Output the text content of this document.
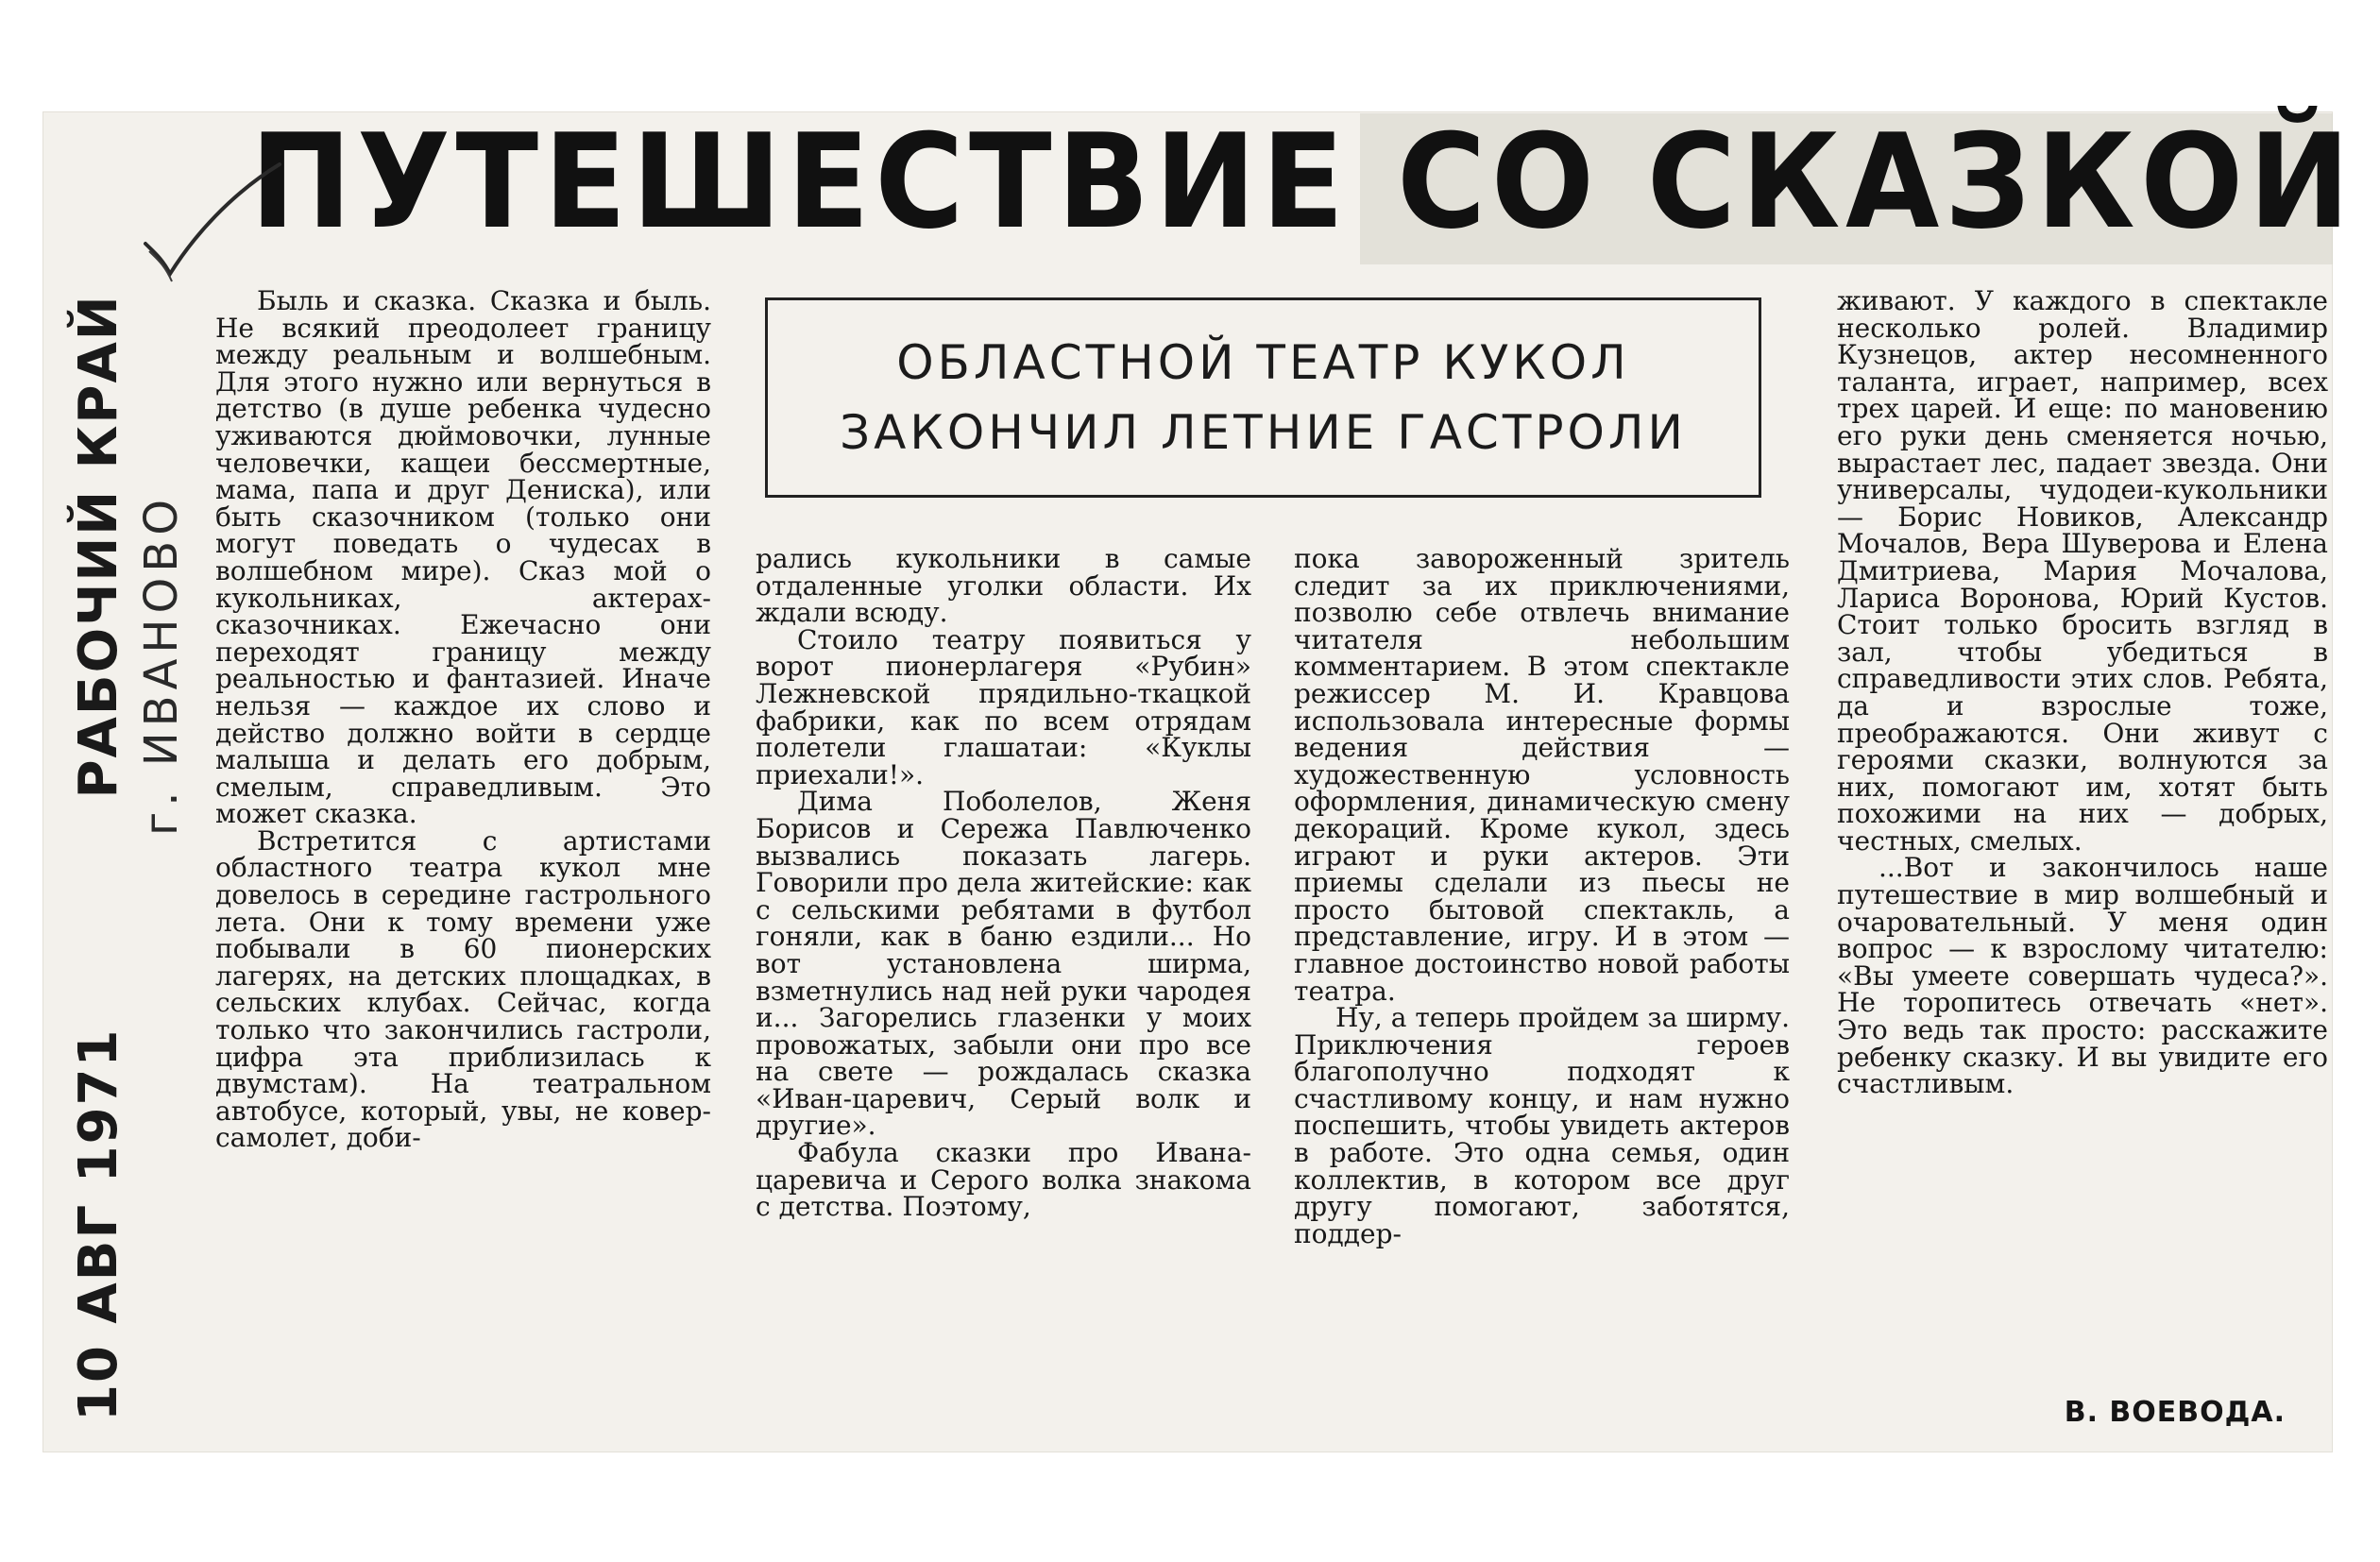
ПУТЕШЕСТВИЕ СО СКАЗКОЙ
10 АВГ 1971  РАБОЧИЙ КРАЙ г. ИВАНОВО
ОБЛАСТНОЙ ТЕАТР КУКОЛ
ЗАКОНЧИЛ ЛЕТНИЕ ГАСТРОЛИ

Быль и сказка. Сказка и быль. Не всякий преодолеет границу между реальным и волшебным. Для этого нужно или вернуться в детство (в душе ребенка чудесно уживаются дюймовочки, лунные человечки, кащеи бессмертные, мама, папа и друг Дениска), или быть сказочником (только они могут поведать о чудесах в волшебном мире). Сказ мой о кукольниках, актерах-сказочниках. Ежечасно они переходят границу между реальностью и фантазией. Иначе нельзя — каждое их слово и действо должно войти в сердце малыша и делать его добрым, смелым, справедливым. Это может сказка.

Встретится с артистами областного театра кукол мне довелось в середине гастрольного лета. Они к тому времени уже побывали в 60 пионерских лагерях, на детских площадках, в сельских клубах. Сейчас, когда только что закончились гастроли, цифра эта приблизилась к двумстам). На театральном автобусе, который, увы, не ковер-самолет, доби-

рались кукольники в самые отдаленные уголки области. Их ждали всюду.

Стоило театру появиться у ворот пионерлагеря «Рубин» Лежневской прядильно-ткацкой фабрики, как по всем отрядам полетели глашатаи: «Куклы приехали!».

Дима Поболелов, Женя Борисов и Сережа Павлюченко вызвались показать лагерь. Говорили про дела житейские: как с сельскими ребятами в футбол гоняли, как в баню ездили... Но вот установлена ширма, взметнулись над ней руки чародея и... Загорелись глазенки у моих провожатых, забыли они про все на свете — рождалась сказка «Иван-царевич, Серый волк и другие».

Фабула сказки про Ивана-царевича и Серого волка знакома с детства. Поэтому,

пока завороженный зритель следит за их приключениями, позволю себе отвлечь внимание читателя небольшим комментарием. В этом спектакле режиссер М. И. Кравцова использовала интересные формы ведения действия — художественную условность оформления, динамическую смену декораций. Кроме кукол, здесь играют и руки актеров. Эти приемы сделали из пьесы не просто бытовой спектакль, а представление, игру. И в этом — главное достоинство новой работы театра.

Ну, а теперь пройдем за ширму. Приключения героев благополучно подходят к счастливому концу, и нам нужно поспешить, чтобы увидеть актеров в работе. Это одна семья, один коллектив, в котором все друг другу помогают, заботятся, поддер-

живают. У каждого в спектакле несколько ролей. Владимир Кузнецов, актер несомненного таланта, играет, например, всех трех царей. И еще: по мановению его руки день сменяется ночью, вырастает лес, падает звезда. Они универсалы, чудодеи-кукольники — Борис Новиков, Александр Мочалов, Вера Шуверова и Елена Дмитриева, Мария Мочалова, Лариса Воронова, Юрий Кустов. Стоит только бросить взгляд в зал, чтобы убедиться в справедливости этих слов. Ребята, да и взрослые тоже, преображаются. Они живут с героями сказки, волнуются за них, помогают им, хотят быть похожими на них — добрых, честных, смелых.

...Вот и закончилось наше путешествие в мир волшебный и очаровательный. У меня один вопрос — к взрослому читателю: «Вы умеете совершать чудеса?». Не торопитесь отвечать «нет». Это ведь так просто: расскажите ребенку сказку. И вы увидите его счастливым.

В. ВОЕВОДА.
